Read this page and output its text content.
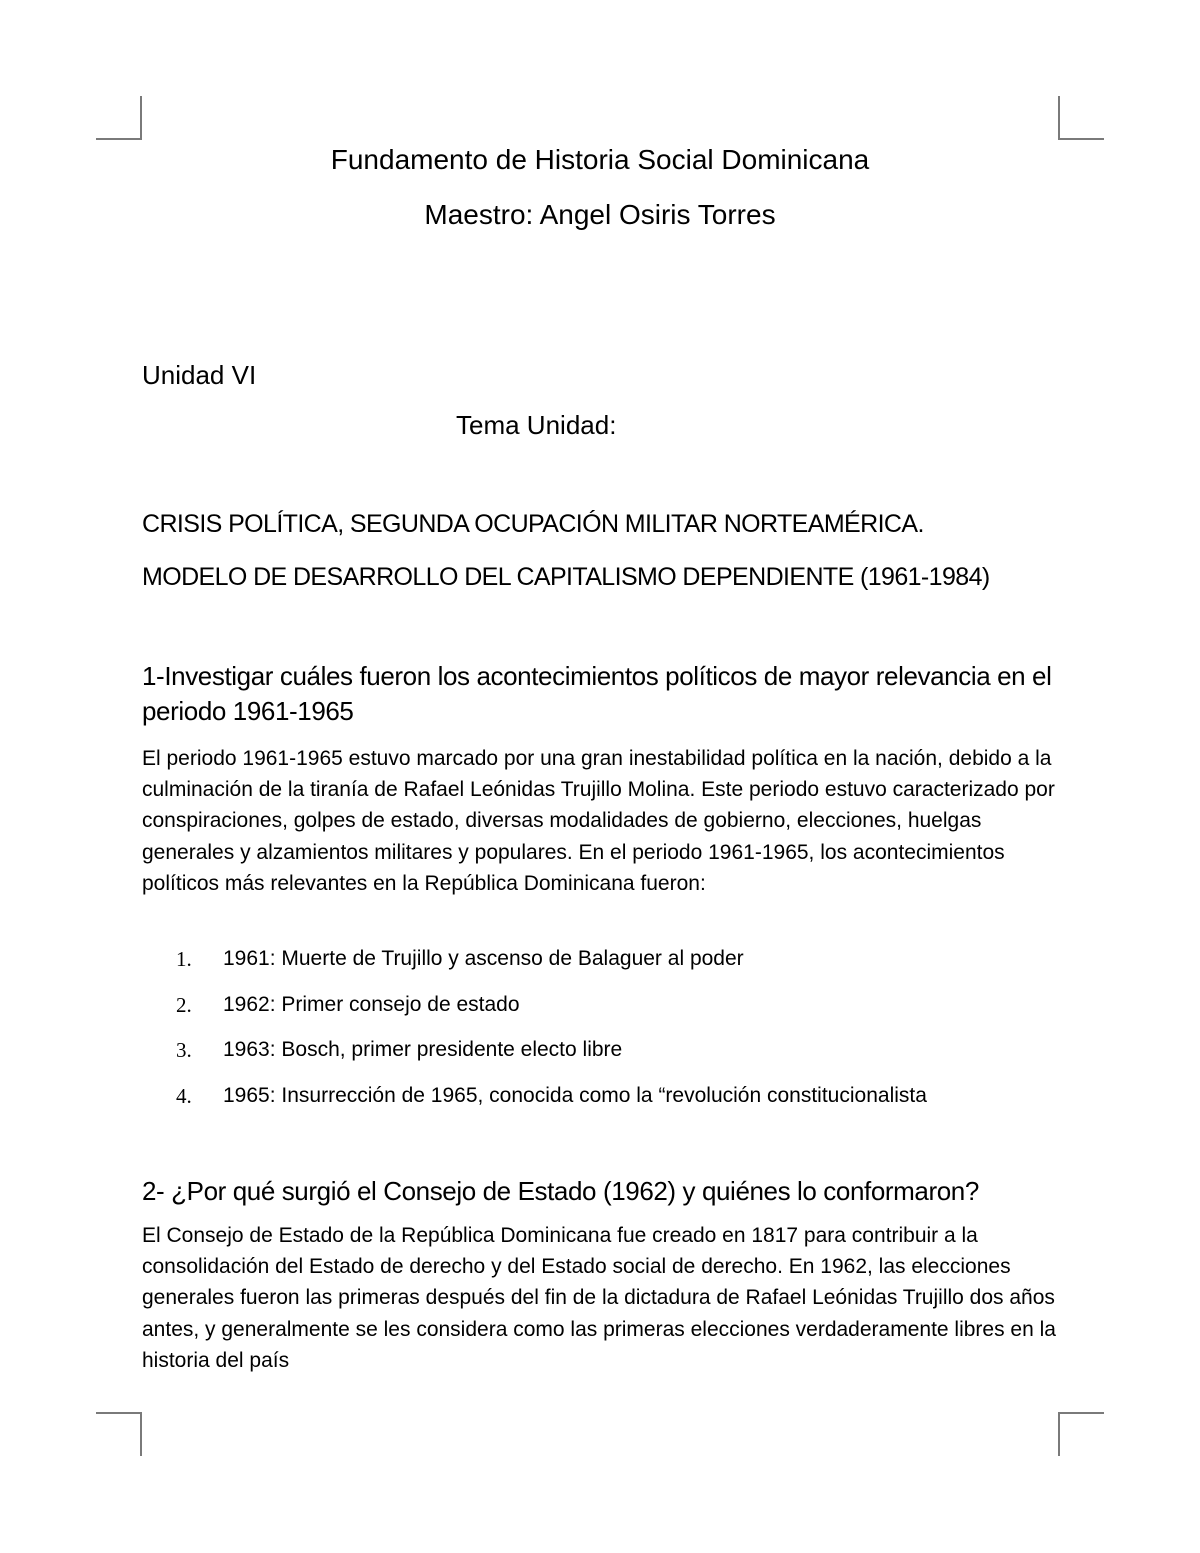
Fundamento de Historia Social Dominicana
Maestro: Angel Osiris Torres
Unidad VI
Tema Unidad:
CRISIS POLÍTICA, SEGUNDA OCUPACIÓN MILITAR NORTEAMÉRICA.
MODELO DE DESARROLLO DEL CAPITALISMO DEPENDIENTE (1961-1984)
1-Investigar cuáles fueron los acontecimientos políticos de mayor relevancia en el periodo 1961-1965
El periodo 1961-1965 estuvo marcado por una gran inestabilidad política en la nación, debido a la culminación de la tiranía de Rafael Leónidas Trujillo Molina. Este periodo estuvo caracterizado por conspiraciones, golpes de estado, diversas modalidades de gobierno, elecciones, huelgas generales y alzamientos militares y populares. En el periodo 1961-1965, los acontecimientos políticos más relevantes en la República Dominicana fueron:
1. 1961: Muerte de Trujillo y ascenso de Balaguer al poder
2. 1962: Primer consejo de estado
3. 1963: Bosch, primer presidente electo libre
4. 1965: Insurrección de 1965, conocida como la “revolución constitucionalista
2- ¿Por qué surgió el Consejo de Estado (1962) y quiénes lo conformaron?
El Consejo de Estado de la República Dominicana fue creado en 1817 para contribuir a la consolidación del Estado de derecho y del Estado social de derecho. En 1962, las elecciones generales fueron las primeras después del fin de la dictadura de Rafael Leónidas Trujillo dos años antes, y generalmente se les considera como las primeras elecciones verdaderamente libres en la historia del país
